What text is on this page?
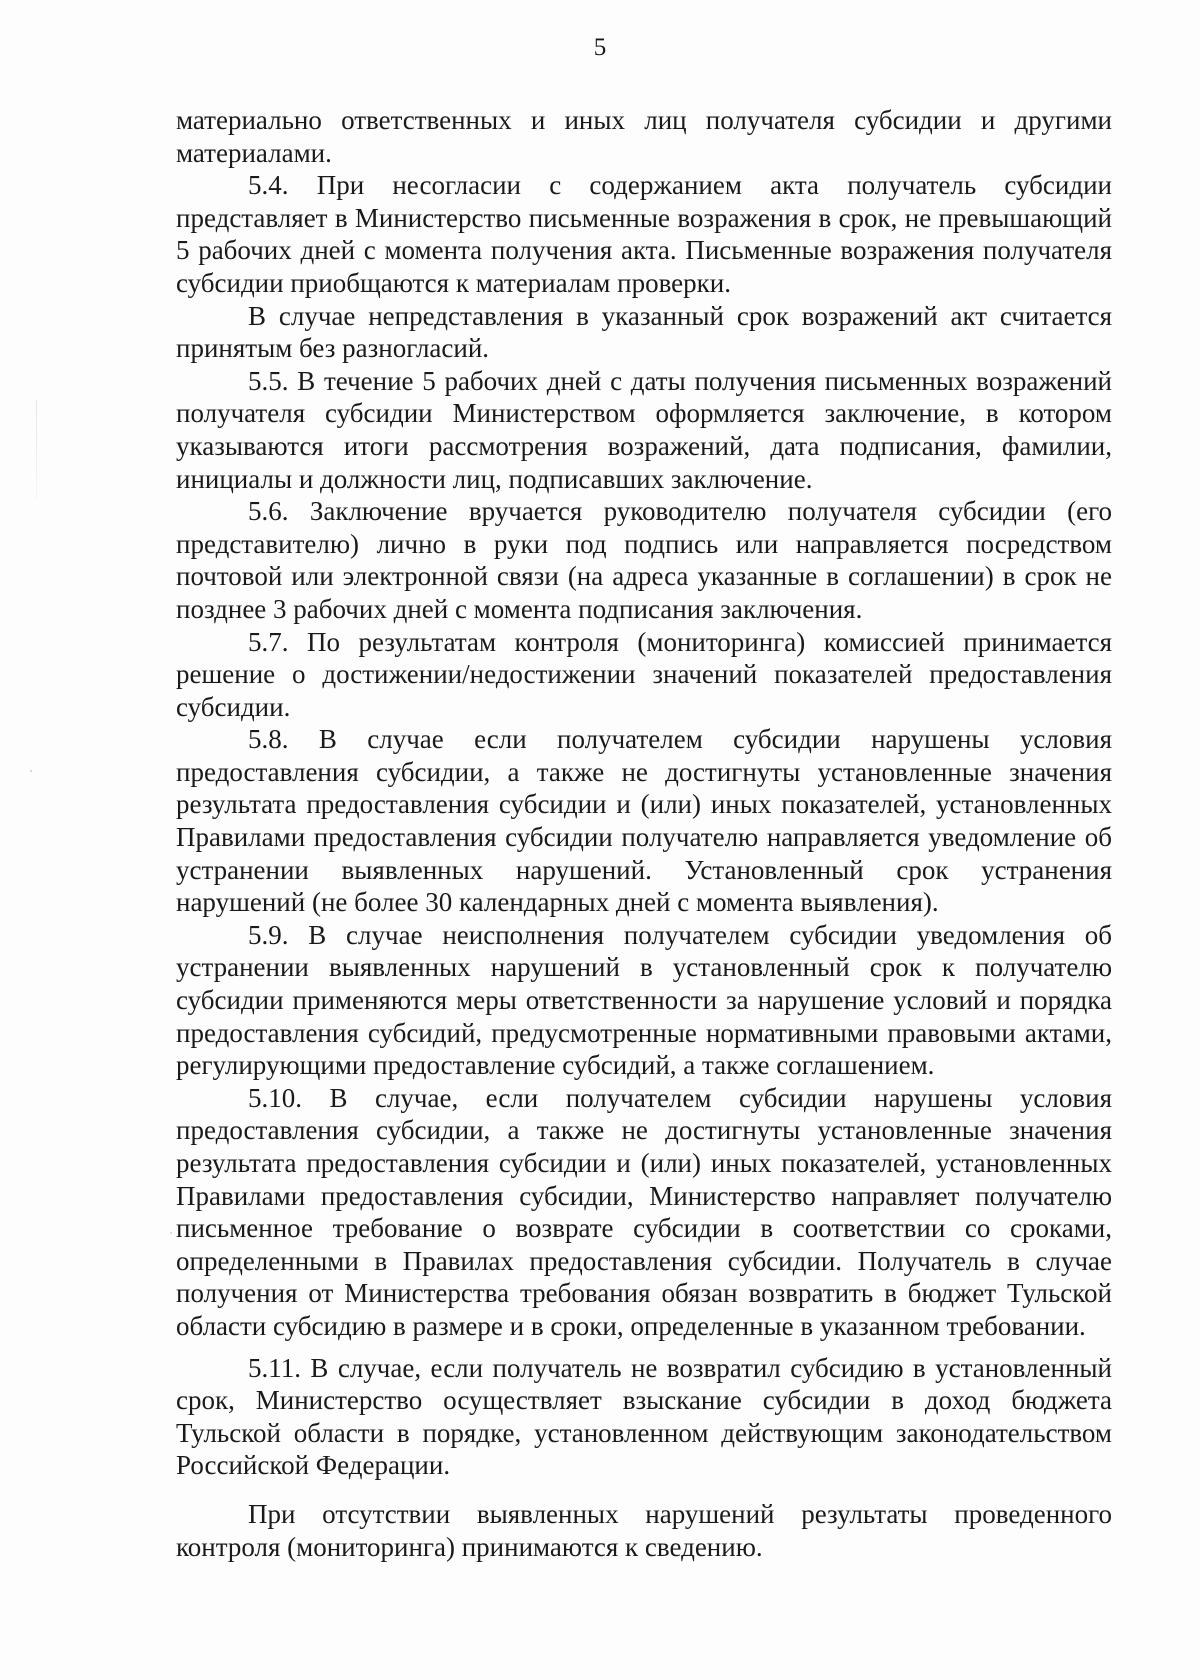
5

материально ответственных и иных лиц получателя субсидии и другими материалами.

5.4. При несогласии с содержанием акта получатель субсидии представляет в Министерство письменные возражения в срок, не превышающий 5 рабочих дней с момента получения акта. Письменные возражения получателя субсидии приобщаются к материалам проверки.

В случае непредставления в указанный срок возражений акт считается принятым без разногласий.

5.5. В течение 5 рабочих дней с даты получения письменных возражений получателя субсидии Министерством оформляется заключение, в котором указываются итоги рассмотрения возражений, дата подписания, фамилии, инициалы и должности лиц, подписавших заключение.

5.6. Заключение вручается руководителю получателя субсидии (его представителю) лично в руки под подпись или направляется посредством почтовой или электронной связи (на адреса указанные в соглашении) в срок не позднее 3 рабочих дней с момента подписания заключения.

5.7. По результатам контроля (мониторинга) комиссией принимается решение о достижении/недостижении значений показателей предоставления субсидии.

5.8. В случае если получателем субсидии нарушены условия предоставления субсидии, а также не достигнуты установленные значения результата предоставления субсидии и (или) иных показателей, установленных Правилами предоставления субсидии получателю направляется уведомление об устранении выявленных нарушений. Установленный срок устранения нарушений (не более 30 календарных дней с момента выявления).

5.9. В случае неисполнения получателем субсидии уведомления об устранении выявленных нарушений в установленный срок к получателю субсидии применяются меры ответственности за нарушение условий и порядка предоставления субсидий, предусмотренные нормативными правовыми актами, регулирующими предоставление субсидий, а также соглашением.

5.10. В случае, если получателем субсидии нарушены условия предоставления субсидии, а также не достигнуты установленные значения результата предоставления субсидии и (или) иных показателей, установленных Правилами предоставления субсидии, Министерство направляет получателю письменное требование о возврате субсидии в соответствии со сроками, определенными в Правилах предоставления субсидии. Получатель в случае получения от Министерства требования обязан возвратить в бюджет Тульской области субсидию в размере и в сроки, определенные в указанном требовании.

5.11. В случае, если получатель не возвратил субсидию в установленный срок, Министерство осуществляет взыскание субсидии в доход бюджета Тульской области в порядке, установленном действующим законодательством Российской Федерации.

При отсутствии выявленных нарушений результаты проведенного контроля (мониторинга) принимаются к сведению.
